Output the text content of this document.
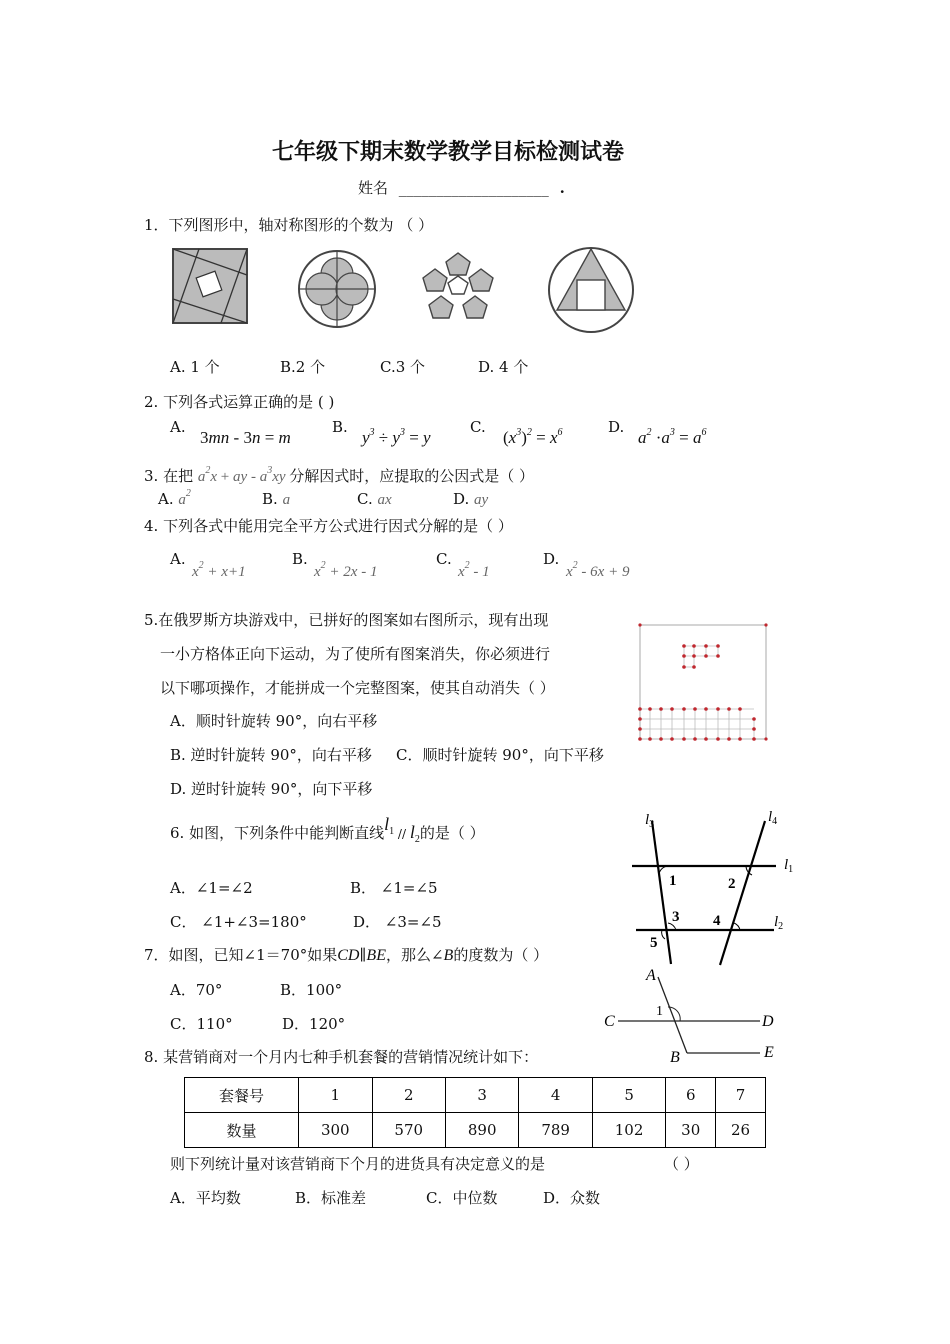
七年级下期末数学教学目标检测试卷
姓名 ____________________ .
1．下列图形中，轴对称图形的个数为 （ ）
A. 1 个	B.2 个	C.3 个	D. 4 个
2. 下列各式运算正确的是 ( )
A.
3mn - 3n = m
B.
$y^3 \div y^3 = y$
C.
$(x^3)^2 = x^6$	D.
$a^2 \cdot a^3 = a^6$
3. 在把 $a^2x$ + ay - $a^3xy$ 分解因式时，应提取的公因式是（ ）
A. $a^2$	B. a	C. ax	D. ay
4. 下列各式中能用完全平方公式进行因式分解的是（ ）
A.
$x^2 + x+1$
B.
$x^2 + 2x - 1$
C.
$x^2 - 1$
D.
$x^2 - 6x + 9$
5.在俄罗斯方块游戏中，已拼好的图案如右图所示，现有出现
一小方格体正向下运动，为了使所有图案消失，你必须进行
以下哪项操作，才能拼成一个完整图案，使其自动消失（ ）
A．顺时针旋转 90°，向右平移
B. 逆时针旋转 90°，向右平移 C．顺时针旋转 90°，向下平移
D. 逆时针旋转 90°，向下平移
6. 如图，下列条件中能判断直线$l_1 // l_2$的是（ ）
A．∠1=∠2	B． ∠1=∠5
C． ∠1+∠3=180°	D． ∠3=∠5
$l_3$	$l_4$
$l_1$
$l_2$
1	2
3 4
5
7．如图，已知∠1＝70°如果CD∥BE，那么∠B的度数为（ ）
A．70°	B．100°
C．110°	D．120°
A
C	D
B	E
1
8. 某营销商对一个月内七种手机套餐的营销情况统计如下：
套餐号	1	2	3	4	5	6	7
数量	300	570	890	789	102	30	26
则下列统计量对该营销商下个月的进货具有决定意义的是	（ ）
A．平均数	B．标准差	C．中位数	D．众数
